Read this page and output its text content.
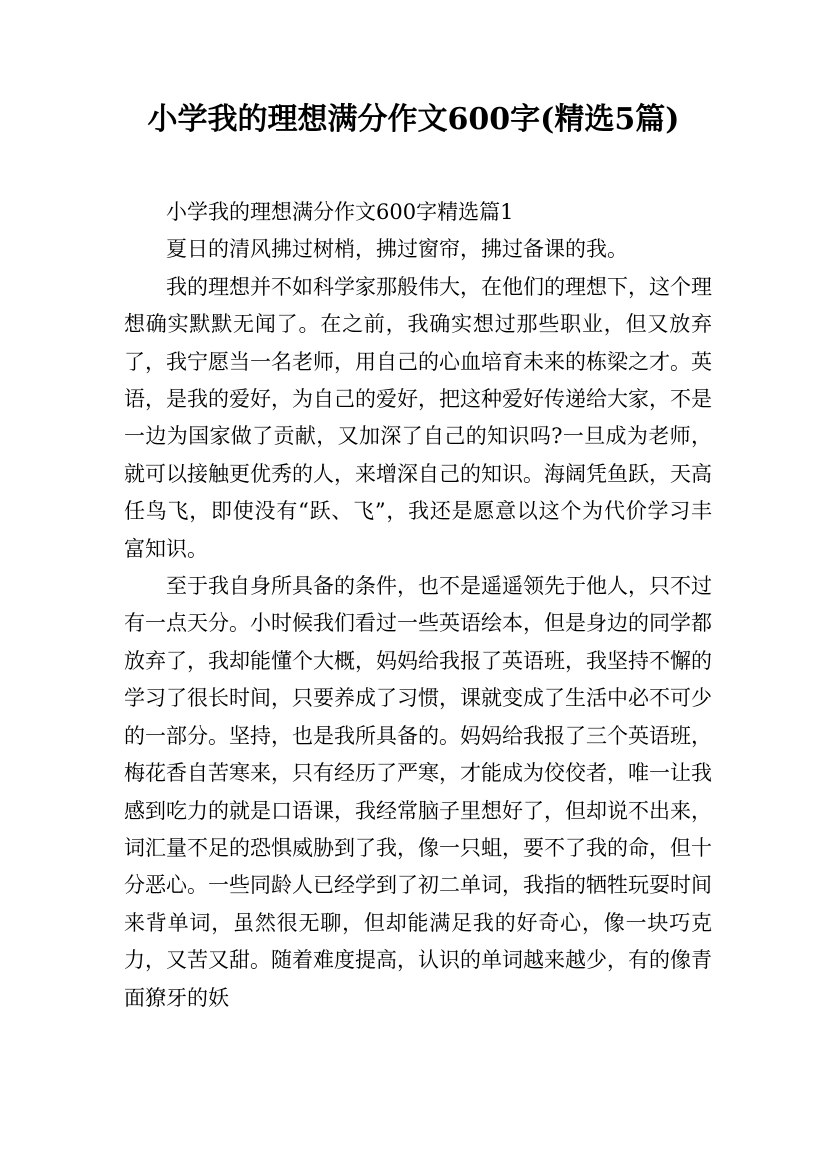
小学我的理想满分作文600字(精选5篇)

小学我的理想满分作文600字精选篇1

夏日的清风拂过树梢，拂过窗帘，拂过备课的我。

我的理想并不如科学家那般伟大，在他们的理想下，这个理想确实默默无闻了。在之前，我确实想过那些职业，但又放弃了，我宁愿当一名老师，用自己的心血培育未来的栋梁之才。英语，是我的爱好，为自己的爱好，把这种爱好传递给大家，不是一边为国家做了贡献，又加深了自己的知识吗?一旦成为老师，就可以接触更优秀的人，来增深自己的知识。海阔凭鱼跃，天高任鸟飞，即使没有“跃、飞”，我还是愿意以这个为代价学习丰富知识。

至于我自身所具备的条件，也不是遥遥领先于他人，只不过有一点天分。小时候我们看过一些英语绘本，但是身边的同学都放弃了，我却能懂个大概，妈妈给我报了英语班，我坚持不懈的学习了很长时间，只要养成了习惯，课就变成了生活中必不可少的一部分。坚持，也是我所具备的。妈妈给我报了三个英语班，梅花香自苦寒来，只有经历了严寒，才能成为佼佼者，唯一让我感到吃力的就是口语课，我经常脑子里想好了，但却说不出来，词汇量不足的恐惧威胁到了我，像一只蛆，要不了我的命，但十分恶心。一些同龄人已经学到了初二单词，我指的牺牲玩耍时间来背单词，虽然很无聊，但却能满足我的好奇心，像一块巧克力，又苦又甜。随着难度提高，认识的单词越来越少，有的像青面獠牙的妖
